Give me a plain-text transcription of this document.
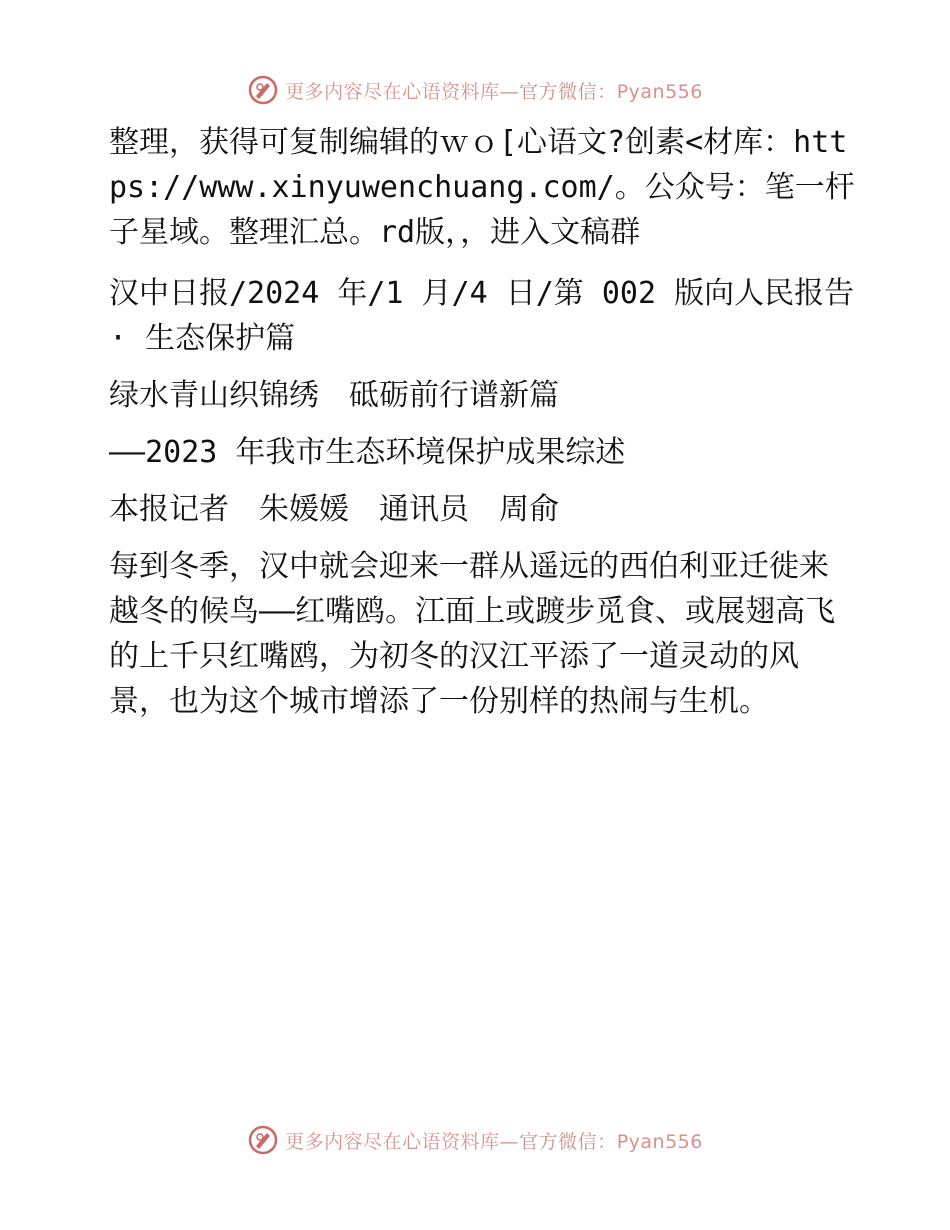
更多内容尽在心语资料库—官方微信：Pyan556

整理，获得可复制编辑的ｗｏ[心语文?创素<材库：https://www.xinyuwenchuang.com/。公众号：笔一杆子星域。整理汇总。rd版，，进入文稿群

汉中日报/2024 年/1 月/4 日/第 002 版向人民报告· 生态保护篇

绿水青山织锦绣　砥砺前行谱新篇

——2023 年我市生态环境保护成果综述

本报记者　朱媛媛　通讯员　周俞

每到冬季，汉中就会迎来一群从遥远的西伯利亚迁徙来越冬的候鸟——红嘴鸥。江面上或踱步觅食、或展翅高飞的上千只红嘴鸥，为初冬的汉江平添了一道灵动的风景，也为这个城市增添了一份别样的热闹与生机。

更多内容尽在心语资料库—官方微信：Pyan556
